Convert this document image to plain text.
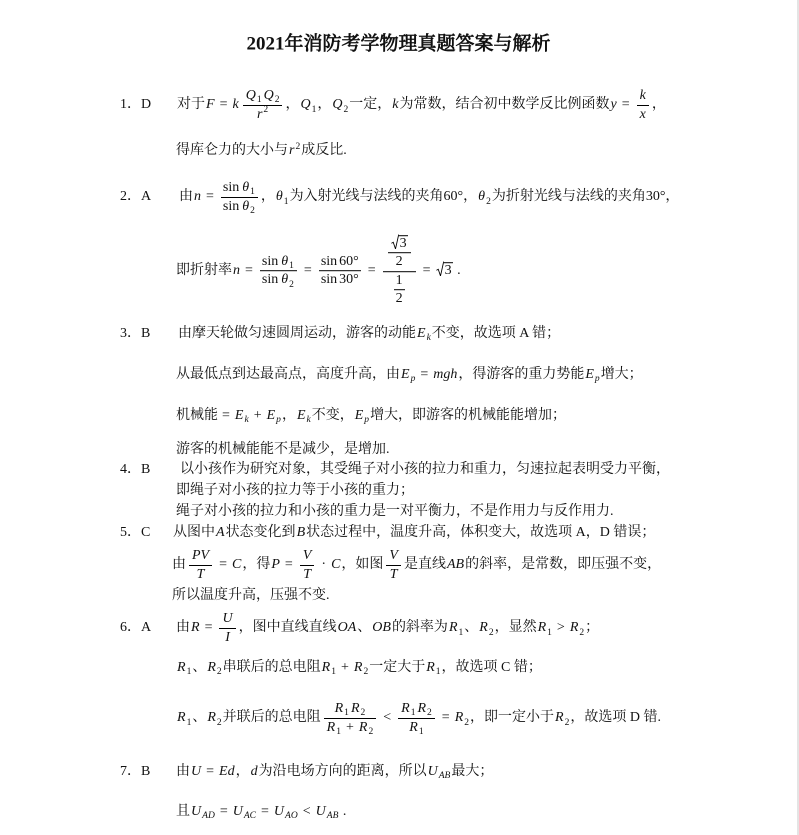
2021年消防考学物理真题答案与解析
1．D 对于F = k $\frac{Q_1 Q_2}{r^2}$ ，$Q_1$，$Q_2$一定，k为常数，结合初中数学反比例函数$y = \frac{k}{x}$ ，
得库仑力的大小与$r^2$成反比.
2．A 由$n = \frac{\sin \theta_1}{\sin \theta_2}$ ，$\theta_1$为入射光线与法线的夹角60°，$\theta_2$为折射光线与法线的夹角30°，
即折射率$n = \frac{\sin \theta_1}{\sin \theta_2} = \frac{\sin 60^\circ}{\sin 30^\circ} = \frac{\frac{3}{2}}{\frac{1}{2}} = 3$ .
3．B 由摩天轮做匀速圆周运动，游客的动能$E_k$不变，故选项 A 错；
从最低点到达最高点，高度升高，由$E_p$ = mgh，得游客的重力势能$E_p$增大；
机械能 = $E_k + E_p$，$E_k$不变，$E_p$增大，即游客的机械能能增加；
游客的机械能能不是减少，是增加.
4．B 以小孩作为研究对象，其受绳子对小孩的拉力和重力，匀速拉起表明受力平衡，
即绳子对小孩的拉力等于小孩的重力；
绳子对小孩的拉力和小孩的重力是一对平衡力，不是作用力与反作用力.
5．C 从图中A状态变化到B状态过程中，温度升高，体积变大，故选项 A，D 错误；
由 $\frac{PV}{T} = C$，得$P = \frac{V}{T} \cdot C$，如图 $\frac{V}{T}$ 是直线AB的斜率，是常数，即压强不变，
所以温度升高，压强不变.
6．A 由$R = \frac{U}{I}$ ，图中直线直线OA、OB的斜率为$R_1$、$R_2$，显然$R_1 > R_2$；
$R_1$、$R_2$串联后的总电阻$R_1 + R_2$一定大于$R_1$，故选项 C 错；
$R_1$、$R_2$并联后的总电阻 $\frac{R_1 R_2}{R_1 + R_2} < \frac{R_1 R_2}{R_1} = R_2$，即一定小于$R_2$，故选项 D 错.
7．B 由U = Ed，d为沿电场方向的距离，所以$U_{AB}$最大；
且$U_{AD} = U_{AC} = U_{AO} < U_{AB}$ .
